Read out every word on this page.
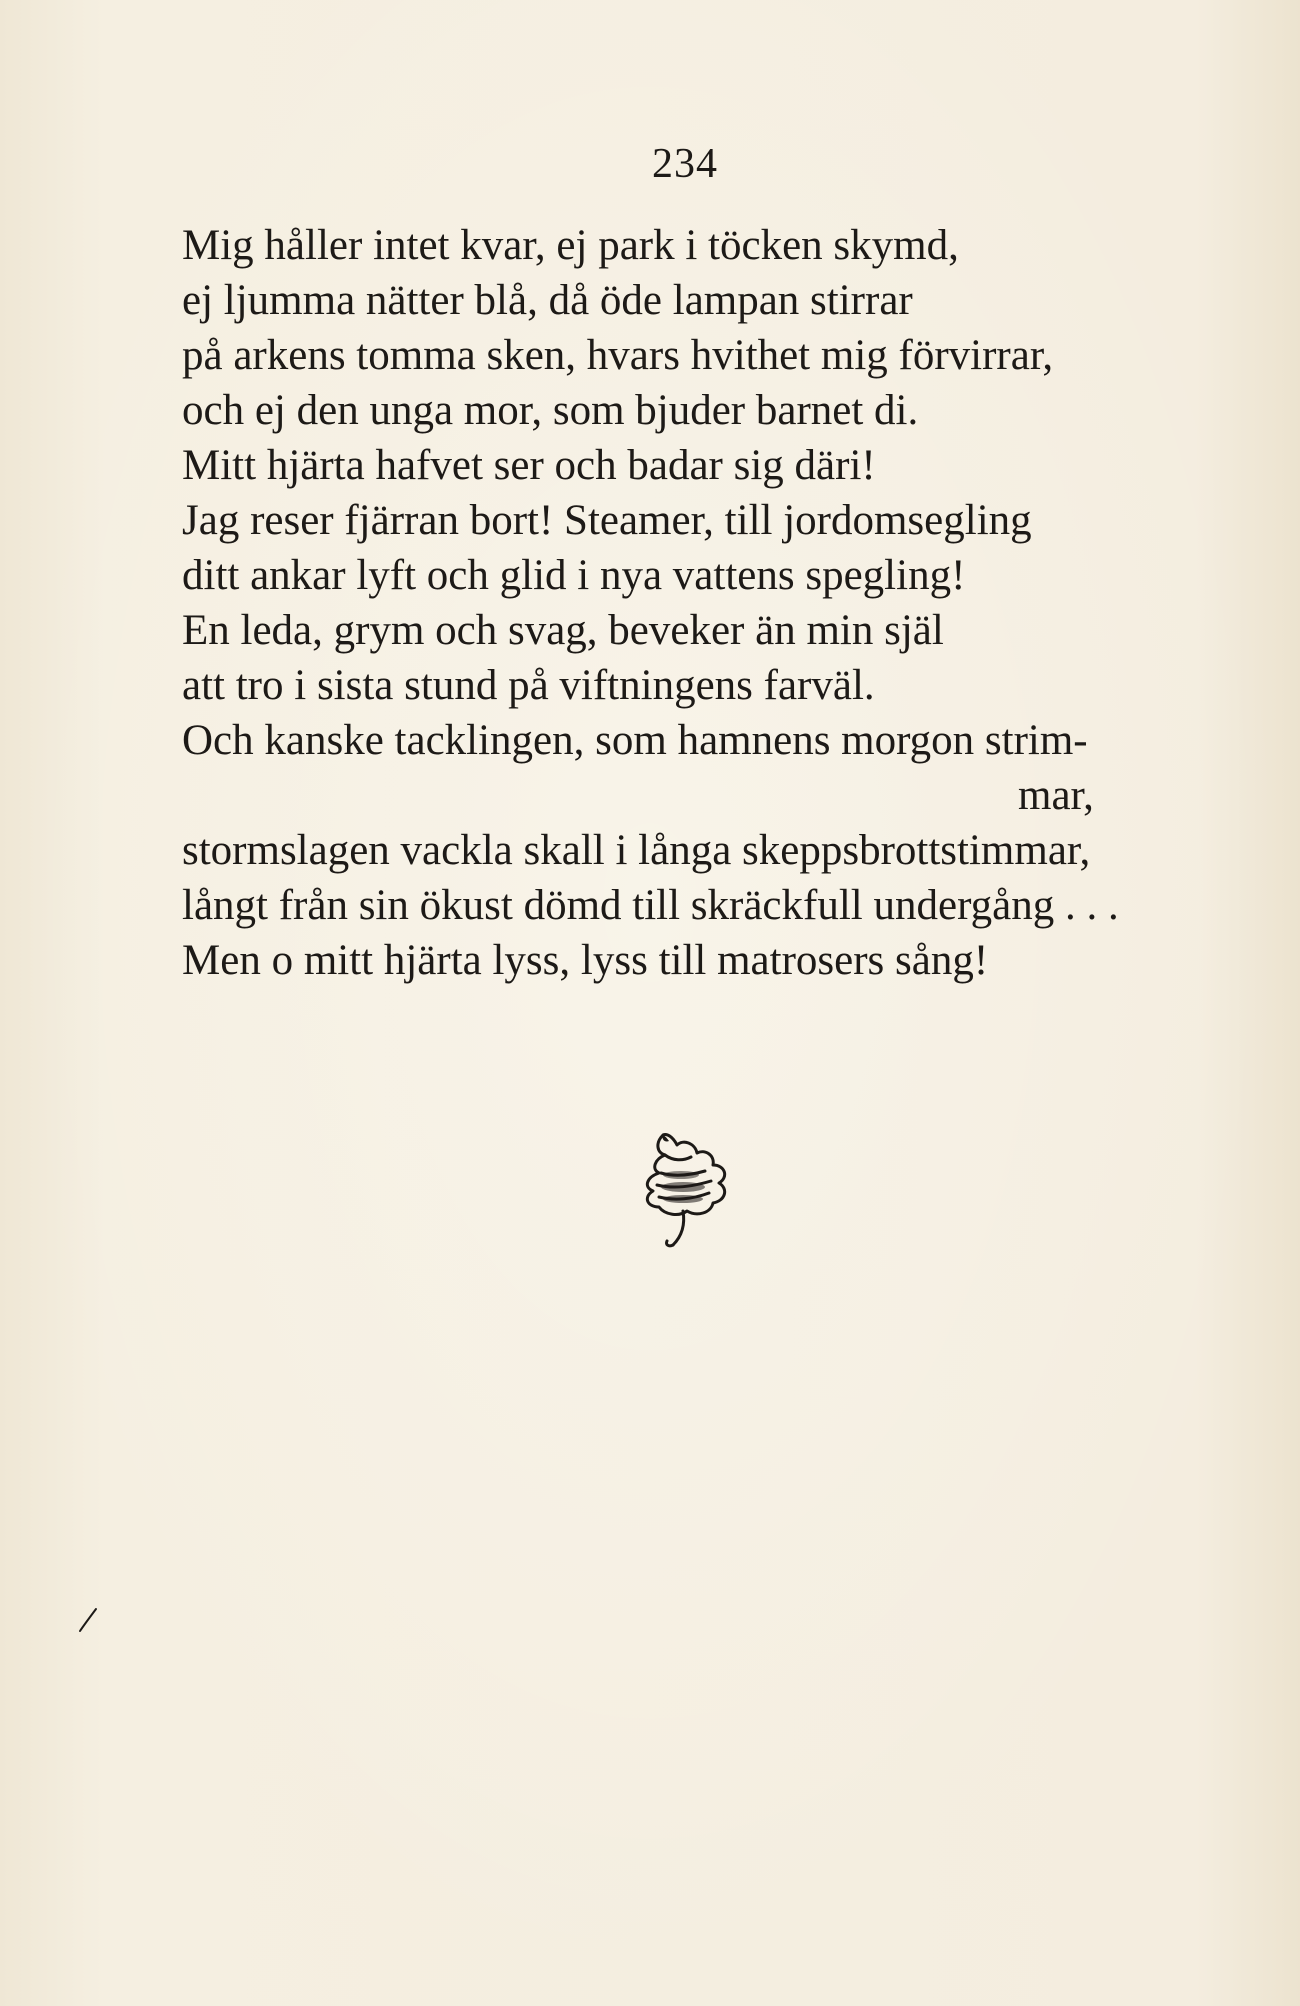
234
Mig håller intet kvar, ej park i töcken skymd,
ej ljumma nätter blå, då öde lampan stirrar
på arkens tomma sken, hvars hvithet mig förvirrar,
och ej den unga mor, som bjuder barnet di.
Mitt hjärta hafvet ser och badar sig däri!
Jag reser fjärran bort! Steamer, till jordomsegling
ditt ankar lyft och glid i nya vattens spegling!
En leda, grym och svag, beveker än min själ
att tro i sista stund på viftningens farväl.
Och kanske tacklingen, som hamnens morgon strim-
mar,
stormslagen vackla skall i långa skeppsbrottstimmar,
långt från sin ökust dömd till skräckfull undergång . . .
Men o mitt hjärta lyss, lyss till matrosers sång!
